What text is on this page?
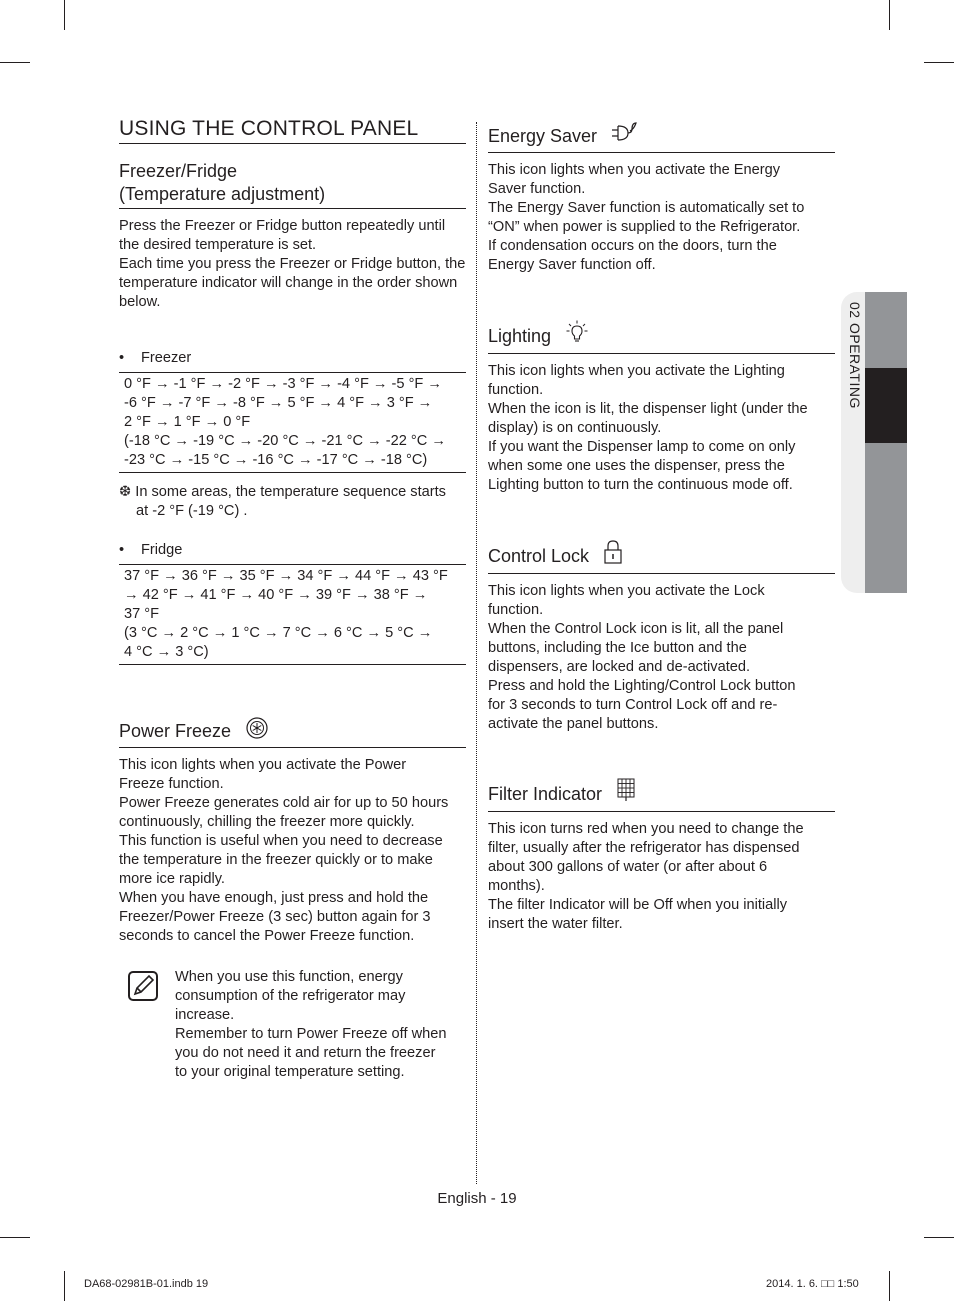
02 OPERATING
USING THE CONTROL PANEL
Freezer/Fridge
(Temperature adjustment)

Press the Freezer or Fridge button repeatedly until the desired temperature is set.

Each time you press the Freezer or Fridge button, the temperature indicator will change in the order shown below.

• Freezer
0 °F → -1 °F → -2 °F → -3 °F → -4 °F → -5 °F →
-6 °F → -7 °F → -8 °F → 5 °F → 4 °F → 3 °F →
2 °F → 1 °F → 0 °F
(-18 °C → -19 °C → -20 °C → -21 °C → -22 °C →
-23 °C → -15 °C → -16 °C → -17 °C → -18 °C)

❆ In some areas, the temperature sequence starts

at -2 °F (-19 °C) .

• Fridge
37 °F → 36 °F → 35 °F → 34 °F → 44 °F → 43 °F
→ 42 °F → 41 °F → 40 °F → 39 °F → 38 °F →
37 °F
(3 °C → 2 °C → 1 °C → 7 °C → 6 °C → 5 °C →
4 °C → 3 °C)
Power Freeze

This icon lights when you activate the Power

Freeze function.

Power Freeze generates cold air for up to 50 hours

continuously, chilling the freezer more quickly.

This function is useful when you need to decrease

the temperature in the freezer quickly or to make

more ice rapidly.

When you have enough, just press and hold the

Freezer/Power Freeze (3 sec) button again for 3

seconds to cancel the Power Freeze function.

When you use this function, energy

consumption of the refrigerator may

increase.

Remember to turn Power Freeze off when

you do not need it and return the freezer

to your original temperature setting.

Energy Saver

This icon lights when you activate the Energy

Saver function.

The Energy Saver function is automatically set to

“ON” when power is supplied to the Refrigerator.

If condensation occurs on the doors, turn the

Energy Saver function off.

Lighting

This icon lights when you activate the Lighting

function.

When the icon is lit, the dispenser light (under the

display) is on continuously.

If you want the Dispenser lamp to come on only

when some one uses the dispenser, press the

Lighting button to turn the continuous mode off.

Control Lock

This icon lights when you activate the Lock

function.

When the Control Lock icon is lit, all the panel

buttons, including the Ice button and the

dispensers, are locked and de-activated.

Press and hold the Lighting/Control Lock button

for 3 seconds to turn Control Lock off and re-

activate the panel buttons.

Filter Indicator

This icon turns red when you need to change the

filter, usually after the refrigerator has dispensed

about 300 gallons of water (or after about 6

months).

The filter Indicator will be Off when you initially

insert the water filter.

English - 19
DA68-02981B-01.indb 19	2014. 1. 6. □□ 1:50
